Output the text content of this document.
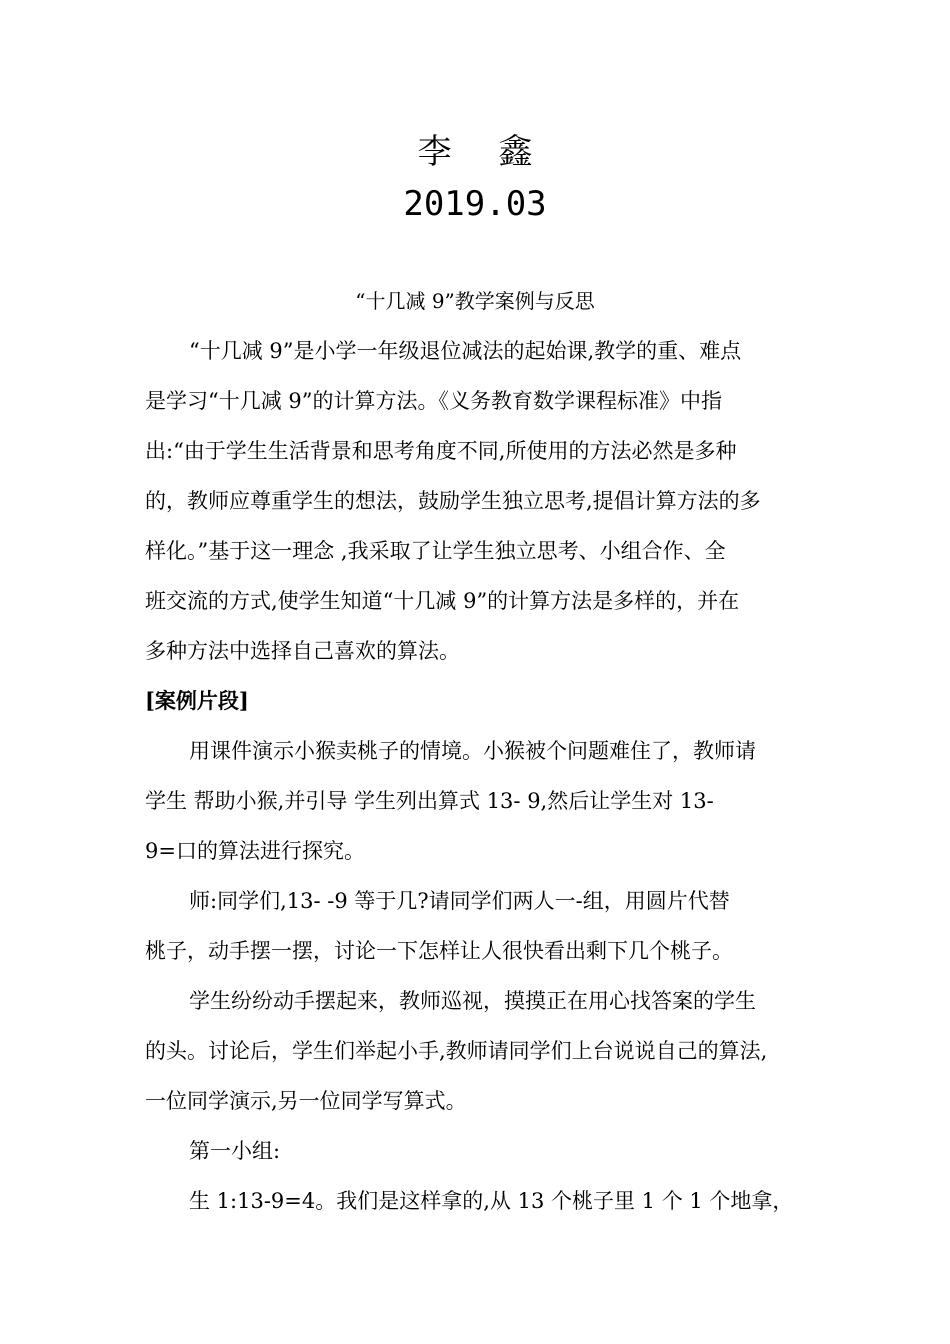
李 鑫
2019.03
“十几减 9”教学案例与反思
“十几减 9”是小学一年级退位减法的起始课,教学的重、难点
是学习“十几减 9”的计算方法。《义务教育数学课程标准》中指
出:“由于学生生活背景和思考角度不同,所使用的方法必然是多种
的，教师应尊重学生的想法，鼓励学生独立思考,提倡计算方法的多
样化。”基于这一理念 ,我采取了让学生独立思考、小组合作、全
班交流的方式,使学生知道“十几减 9”的计算方法是多样的，并在
多种方法中选择自己喜欢的算法。
[案例片段]
用课件演示小猴卖桃子的情境。小猴被个问题难住了，教师请
学生 帮助小猴,并引导 学生列出算式 13- 9,然后让学生对 13-
9=口的算法进行探究。
师:同学们,13- -9 等于几?请同学们两人一-组，用圆片代替
桃子，动手摆一摆，讨论一下怎样让人很快看出剩下几个桃子。
学生纷纷动手摆起来，教师巡视，摸摸正在用心找答案的学生
的头。讨论后，学生们举起小手,教师请同学们上台说说自己的算法,
一位同学演示,另一位同学写算式。
第一小组:
生 1:13-9=4。我们是这样拿的,从 13 个桃子里 1 个 1 个地拿，
